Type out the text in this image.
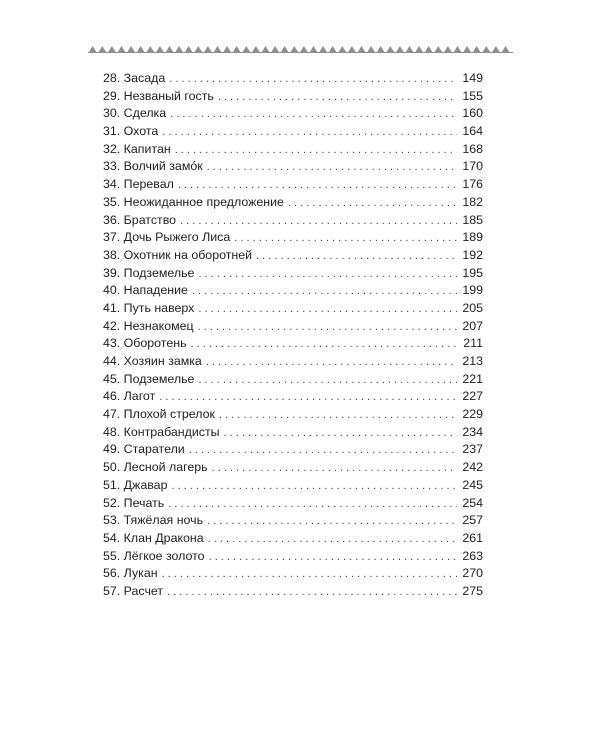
28. Засада . . .	149
29. Незваный гость . . .	155
30. Сделка . . .	160
31. Охота . . .	164
32. Капитан . . .	168
33. Волчий замóк . . .	170
34. Перевал . . .	176
35. Неожиданное предложение . . .	182
36. Братство . . .	185
37. Дочь Рыжего Лиса . . .	189
38. Охотник на оборотней . . .	192
39. Подземелье . . .	195
40. Нападение . . .	199
41. Путь наверх . . .	205
42. Незнакомец . . .	207
43. Оборотень . . .	211
44. Хозяин замка . . .	213
45. Подземелье . . .	221
46. Лагот . . .	227
47. Плохой стрелок . . .	229
48. Контрабандисты . . .	234
49. Старатели . . .	237
50. Лесной лагерь . . .	242
51. Джавар . . .	245
52. Печать . . .	254
53. Тяжёлая ночь . . .	257
54. Клан Дракона . . .	261
55. Лёгкое золото . . .	263
56. Лукан . . .	270
57. Расчет . . .	275
